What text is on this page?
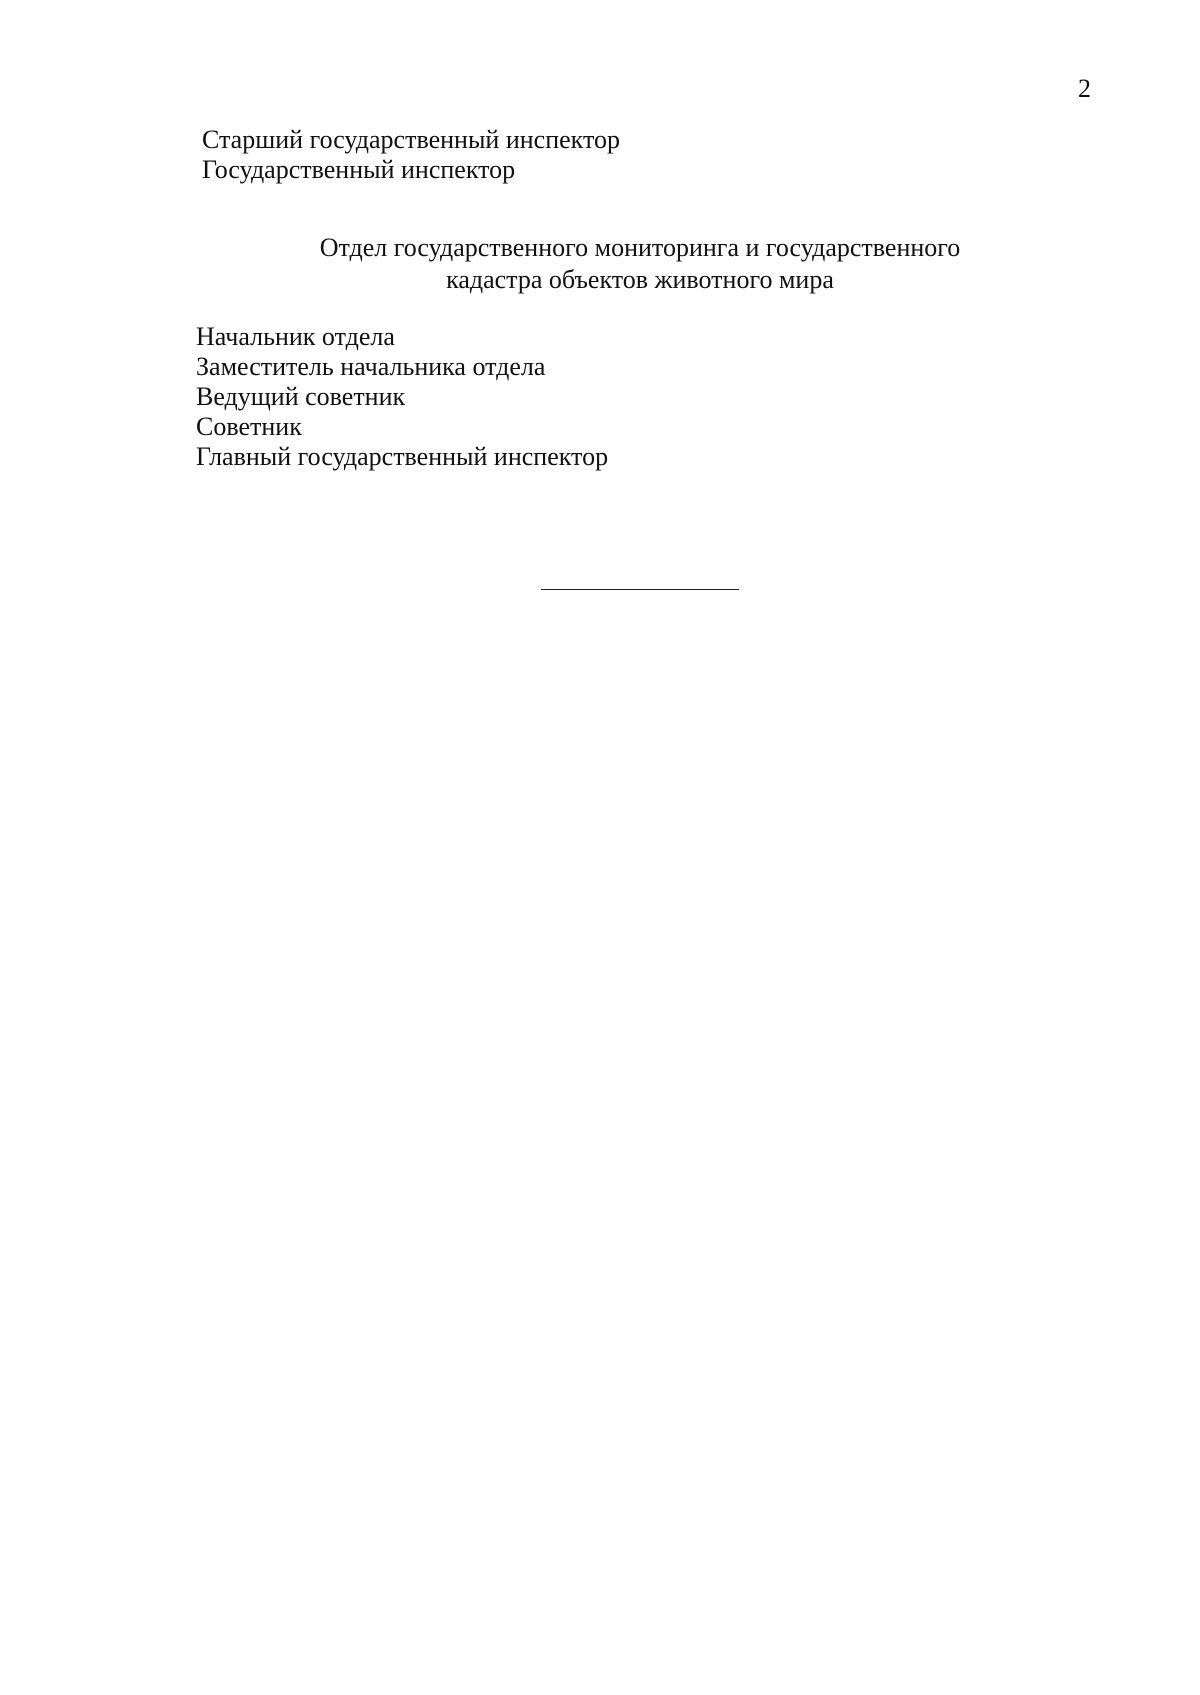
2
Старший государственный инспектор
Государственный инспектор
Отдел государственного мониторинга и государственного
кадастра объектов животного мира
Начальник отдела
Заместитель начальника отдела
Ведущий советник
Советник
Главный государственный инспектор
